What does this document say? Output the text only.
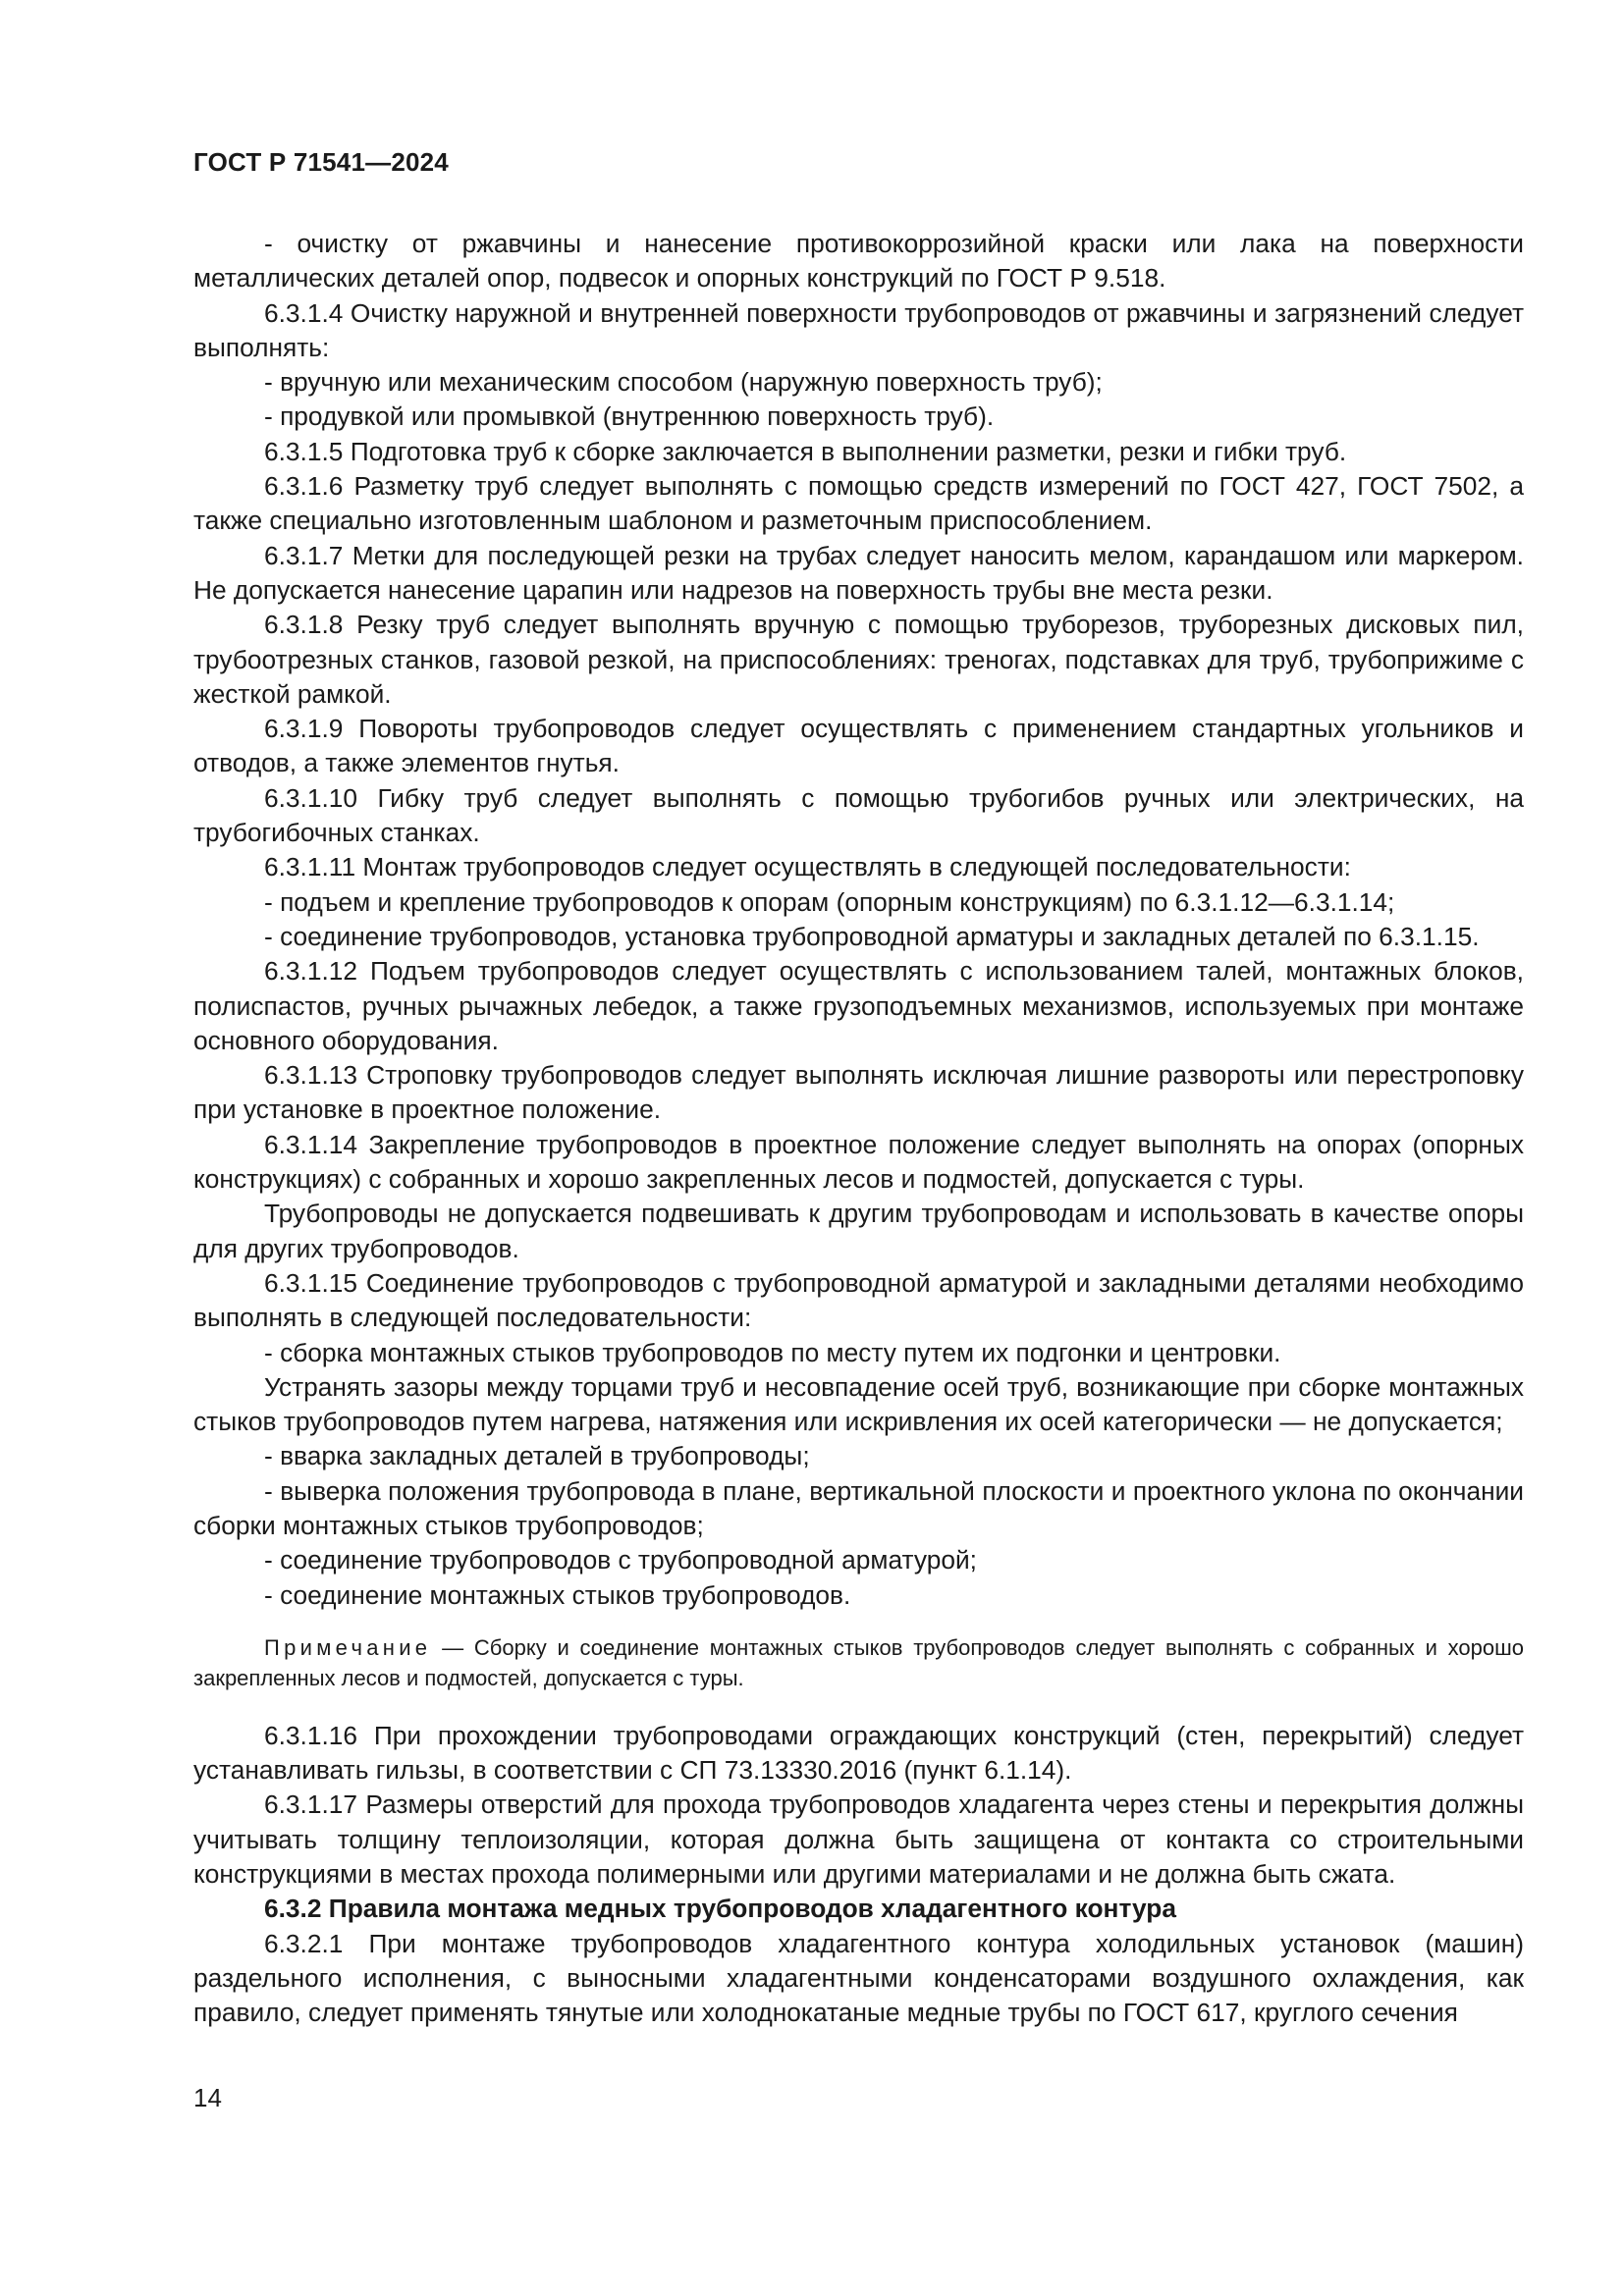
ГОСТ Р 71541—2024

- очистку от ржавчины и нанесение противокоррозийной краски или лака на поверхности металлических деталей опор, подвесок и опорных конструкций по ГОСТ Р 9.518.

6.3.1.4 Очистку наружной и внутренней поверхности трубопроводов от ржавчины и загрязнений следует выполнять:

- вручную или механическим способом (наружную поверхность труб);

- продувкой или промывкой (внутреннюю поверхность труб).

6.3.1.5 Подготовка труб к сборке заключается в выполнении разметки, резки и гибки труб.

6.3.1.6 Разметку труб следует выполнять с помощью средств измерений по ГОСТ 427, ГОСТ 7502, а также специально изготовленным шаблоном и разметочным приспособлением.

6.3.1.7 Метки для последующей резки на трубах следует наносить мелом, карандашом или маркером. Не допускается нанесение царапин или надрезов на поверхность трубы вне места резки.

6.3.1.8 Резку труб следует выполнять вручную с помощью труборезов, труборезных дисковых пил, трубоотрезных станков, газовой резкой, на приспособлениях: треногах, подставках для труб, трубоприжиме с жесткой рамкой.

6.3.1.9 Повороты трубопроводов следует осуществлять с применением стандартных угольников и отводов, а также элементов гнутья.

6.3.1.10 Гибку труб следует выполнять с помощью трубогибов ручных или электрических, на трубогибочных станках.

6.3.1.11 Монтаж трубопроводов следует осуществлять в следующей последовательности:

- подъем и крепление трубопроводов к опорам (опорным конструкциям) по 6.3.1.12—6.3.1.14;

- соединение трубопроводов, установка трубопроводной арматуры и закладных деталей по 6.3.1.15.

6.3.1.12 Подъем трубопроводов следует осуществлять с использованием талей, монтажных блоков, полиспастов, ручных рычажных лебедок, а также грузоподъемных механизмов, используемых при монтаже основного оборудования.

6.3.1.13 Строповку трубопроводов следует выполнять исключая лишние развороты или перестроповку при установке в проектное положение.

6.3.1.14 Закрепление трубопроводов в проектное положение следует выполнять на опорах (опорных конструкциях) с собранных и хорошо закрепленных лесов и подмостей, допускается с туры.

Трубопроводы не допускается подвешивать к другим трубопроводам и использовать в качестве опоры для других трубопроводов.

6.3.1.15 Соединение трубопроводов с трубопроводной арматурой и закладными деталями необходимо выполнять в следующей последовательности:

- сборка монтажных стыков трубопроводов по месту путем их подгонки и центровки.

Устранять зазоры между торцами труб и несовпадение осей труб, возникающие при сборке монтажных стыков трубопроводов путем нагрева, натяжения или искривления их осей категорически — не допускается;

- вварка закладных деталей в трубопроводы;

- выверка положения трубопровода в плане, вертикальной плоскости и проектного уклона по окончании сборки монтажных стыков трубопроводов;

- соединение трубопроводов с трубопроводной арматурой;

- соединение монтажных стыков трубопроводов.

Примечание — Сборку и соединение монтажных стыков трубопроводов следует выполнять с собранных и хорошо закрепленных лесов и подмостей, допускается с туры.

6.3.1.16 При прохождении трубопроводами ограждающих конструкций (стен, перекрытий) следует устанавливать гильзы, в соответствии с СП 73.13330.2016 (пункт 6.1.14).

6.3.1.17 Размеры отверстий для прохода трубопроводов хладагента через стены и перекрытия должны учитывать толщину теплоизоляции, которая должна быть защищена от контакта со строительными конструкциями в местах прохода полимерными или другими материалами и не должна быть сжата.

6.3.2 Правила монтажа медных трубопроводов хладагентного контура

6.3.2.1 При монтаже трубопроводов хладагентного контура холодильных установок (машин) раздельного исполнения, с выносными хладагентными конденсаторами воздушного охлаждения, как правило, следует применять тянутые или холоднокатаные медные трубы по ГОСТ 617, круглого сечения

14
